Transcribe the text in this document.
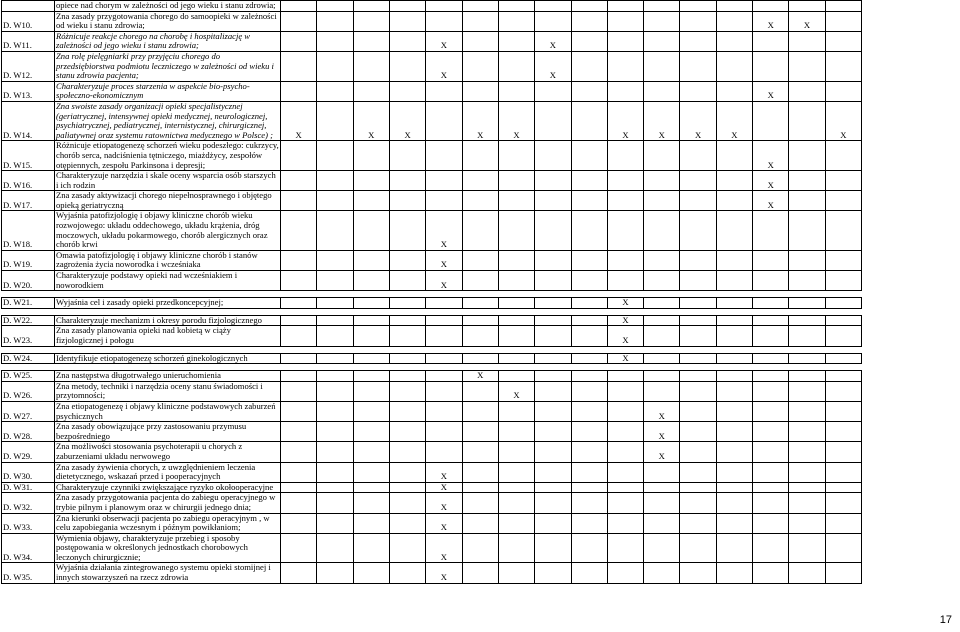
	opiece nad chorym w zależności od jego wieku i stanu zdrowia;																
D. W10.	Zna zasady przygotowania chorego do samoopieki w zależności od wieku i stanu zdrowia;														X	X	
D. W11.	Różnicuje reakcje chorego na chorobę i hospitalizację w zależności od jego wieku i stanu zdrowia;					X			X								
D. W12.	Zna rolę pielęgniarki przy przyjęciu chorego do przedsiębiorstwa podmiotu leczniczego w zależności od wieku i stanu zdrowia pacjenta;					X			X								
D. W13.	Charakteryzuje proces starzenia w aspekcie bio-psycho-społeczno-ekonomicznym														X		
D. W14.	Zna swoiste zasady organizacji opieki specjalistycznej (geriatrycznej, intensywnej opieki medycznej, neurologicznej, psychiatrycznej, pediatrycznej, internistycznej, chirurgicznej, paliatywnej oraz systemu ratownictwa medycznego w Polsce) ;	X		X	X		X	X			X	X	X	X			X
D. W15.	Różnicuje etiopatogenezę schorzeń wieku podeszłego: cukrzycy, chorób serca, nadciśnienia tętniczego, miażdżycy, zespołów otępiennych, zespołu Parkinsona i depresji;														X		
D. W16.	Charakteryzuje narzędzia i skale oceny wsparcia osób starszych i ich rodzin														X		
D. W17.	Zna zasady aktywizacji chorego niepełnosprawnego i objętego opieką geriatryczną														X		
D. W18.	Wyjaśnia patofizjologię i objawy kliniczne chorób wieku rozwojowego: układu oddechowego, układu krążenia, dróg moczowych, układu pokarmowego, chorób alergicznych oraz chorób krwi					X											
D. W19.	Omawia patofizjologię i objawy kliniczne chorób i stanów zagrożenia życia noworodka i wcześniaka					X											
D. W20.	Charakteryzuje podstawy opieki nad wcześniakiem i noworodkiem					X											

D. W21.	Wyjaśnia cel i zasady opieki przedkoncepcyjnej;										X						

D. W22.	Charakteryzuje mechanizm i okresy porodu fizjologicznego										X						
D. W23.	Zna zasady planowania opieki nad kobietą w ciąży fizjologicznej i połogu										X						

D. W24.	Identyfikuje etiopatogenezę schorzeń ginekologicznych										X						

D. W25.	Zna następstwa długotrwałego unieruchomienia						X										
D. W26.	Zna metody, techniki i narzędzia oceny stanu świadomości i przytomności;							X									
D. W27.	Zna etiopatogenezę i objawy kliniczne podstawowych zaburzeń psychicznych											X					
D. W28.	Zna zasady obowiązujące przy zastosowaniu przymusu bezpośredniego											X					
D. W29.	Zna możliwości stosowania psychoterapii u chorych z zaburzeniami układu nerwowego											X					
D. W30.	Zna zasady żywienia chorych, z uwzględnieniem leczenia dietetycznego, wskazań przed i pooperacyjnych					X											
D. W31.	Charakteryzuje czynniki zwiększające ryzyko okołooperacyjne					X											
D. W32.	Zna zasady przygotowania pacjenta do zabiegu operacyjnego w trybie pilnym i planowym oraz w chirurgii jednego dnia;					X											
D. W33.	Zna kierunki obserwacji pacjenta po zabiegu operacyjnym , w celu zapobiegania wczesnym i późnym powikłaniom;					X											
D. W34.	Wymienia objawy, charakteryzuje przebieg i sposoby postępowania w określonych jednostkach chorobowych leczonych chirurgicznie;					X											
D. W35.	Wyjaśnia działania zintegrowanego systemu opieki stomijnej i innych stowarzyszeń na rzecz zdrowia					X											
17
